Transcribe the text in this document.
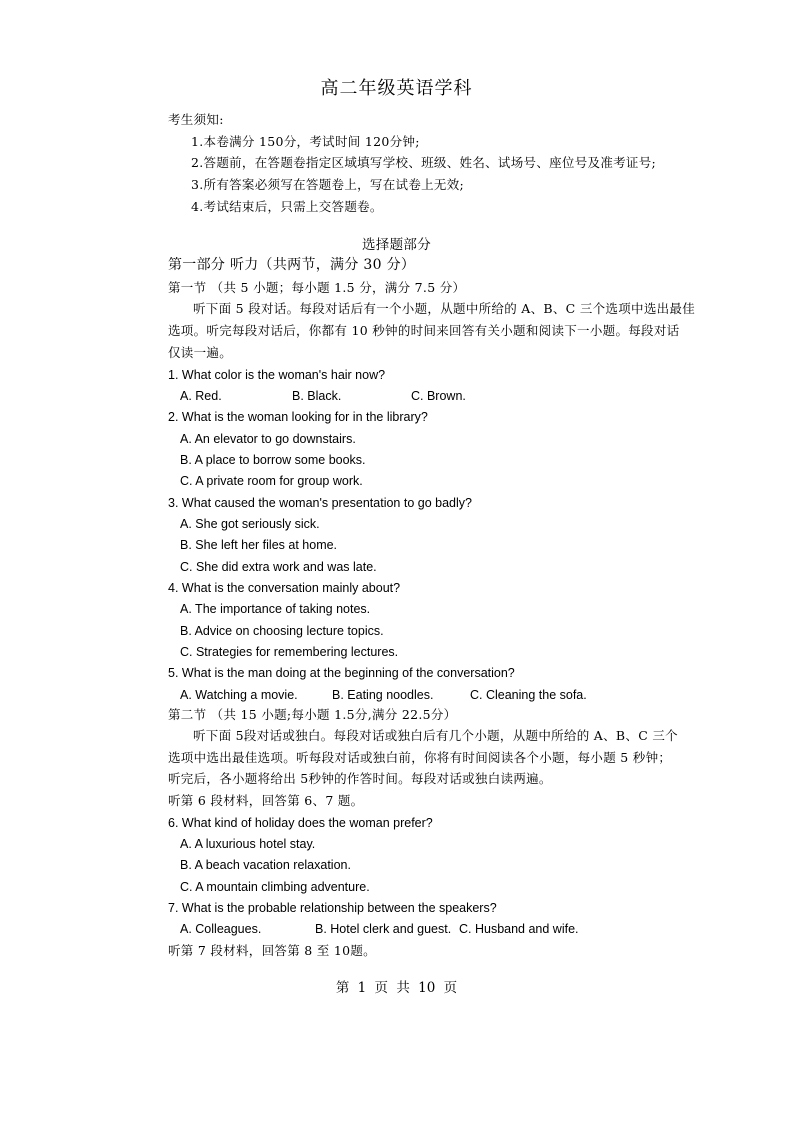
高二年级英语学科
考生须知:
1.本卷满分 150分，考试时间 120分钟;
2.答题前，在答题卷指定区域填写学校、班级、姓名、试场号、座位号及准考证号;
3.所有答案必须写在答题卷上，写在试卷上无效;
4.考试结束后，只需上交答题卷。
选择题部分
第一部分 听力（共两节，满分 30 分）
第一节 （共 5 小题；每小题 1.5 分，满分 7.5 分）
听下面 5 段对话。每段对话后有一个小题，从题中所给的 A、B、C 三个选项中选出最佳
选项。听完每段对话后，你都有 10 秒钟的时间来回答有关小题和阅读下一小题。每段对话
仅读一遍。
1. What color is the woman's hair now?
A. Red.	B. Black.	C. Brown.
2. What is the woman looking for in the library?
A. An elevator to go downstairs.
B. A place to borrow some books.
C. A private room for group work.
3. What caused the woman's presentation to go badly?
A. She got seriously sick.
B. She left her files at home.
C. She did extra work and was late.
4. What is the conversation mainly about?
A. The importance of taking notes.
B. Advice on choosing lecture topics.
C. Strategies for remembering lectures.
5. What is the man doing at the beginning of the conversation?
A. Watching a movie.	B. Eating noodles.	C. Cleaning the sofa.
第二节 （共 15 小题;每小题 1.5分,满分 22.5分）
听下面 5段对话或独白。每段对话或独白后有几个小题，从题中所给的 A、B、C 三个
选项中选出最佳选项。听每段对话或独白前，你将有时间阅读各个小题，每小题 5 秒钟；
听完后，各小题将给出 5秒钟的作答时间。每段对话或独白读两遍。
听第 6 段材料，回答第 6、7 题。
6. What kind of holiday does the woman prefer?
A. A luxurious hotel stay.
B. A beach vacation relaxation.
C. A mountain climbing adventure.
7. What is the probable relationship between the speakers?
A. Colleagues.	B. Hotel clerk and guest. C. Husband and wife.
听第 7 段材料，回答第 8 至 10题。
第 1 页 共 10 页
